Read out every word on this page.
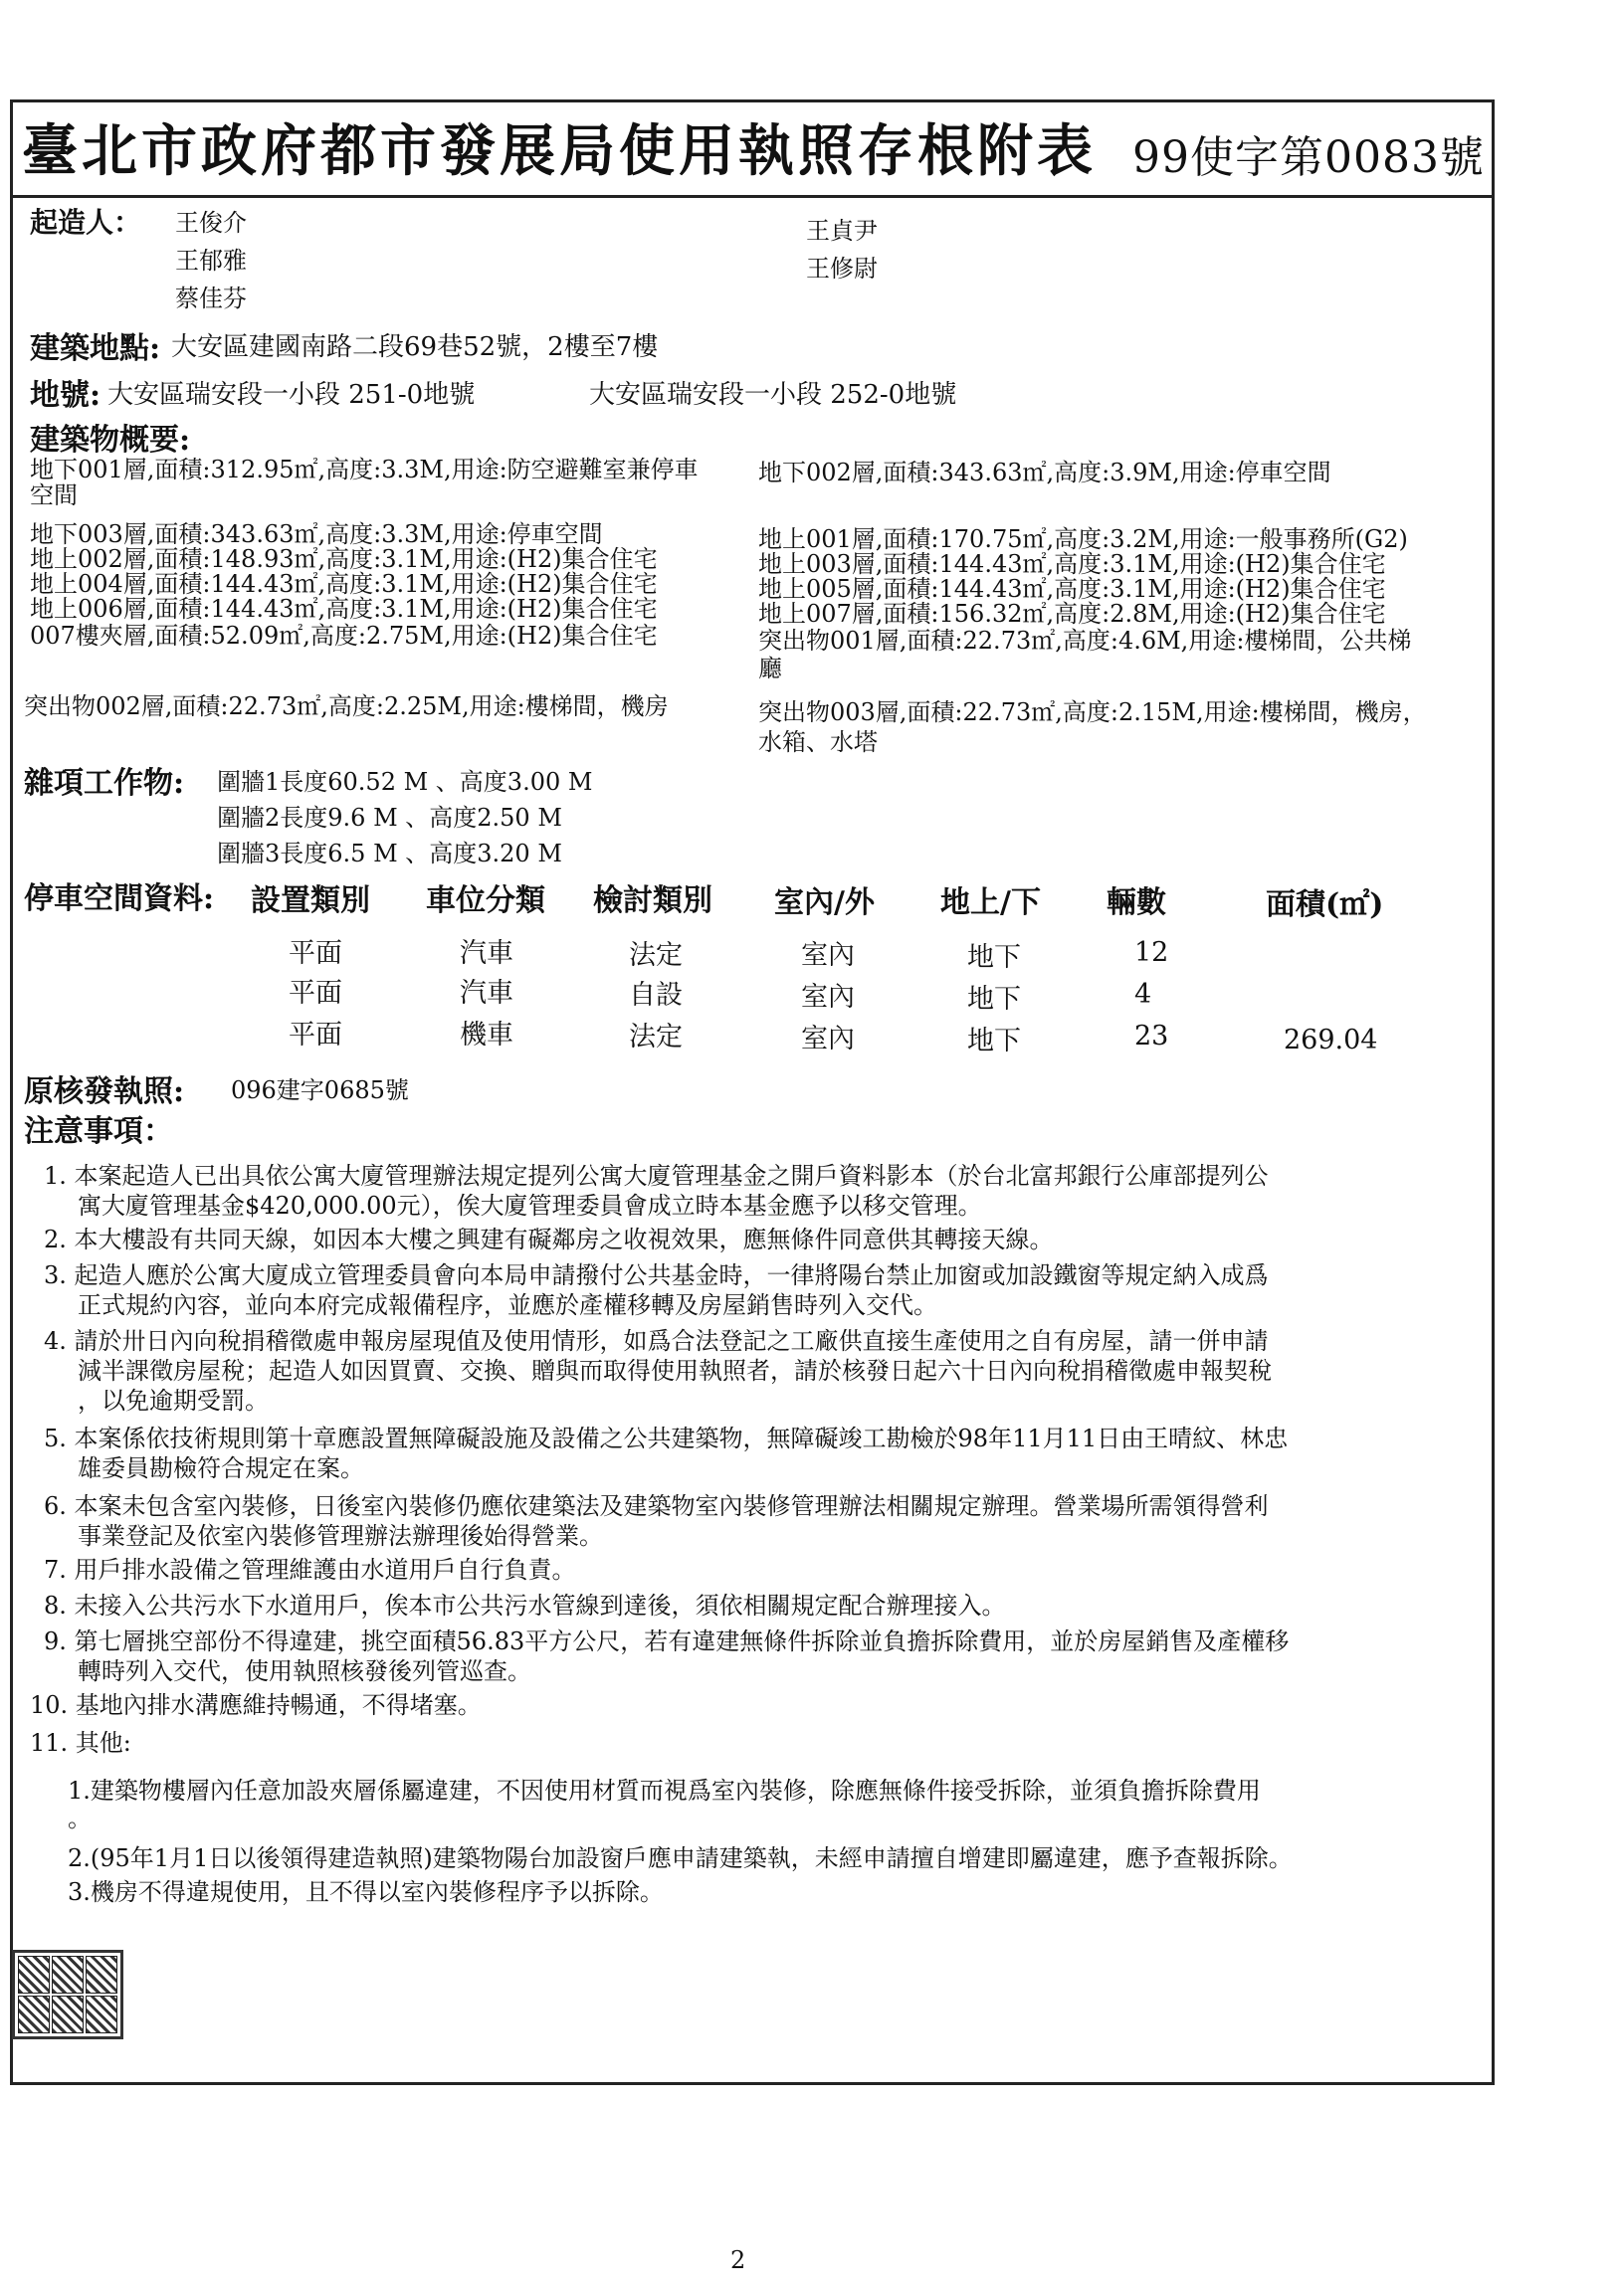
臺北市政府都市發展局使用執照存根附表 99使字第0083號
起造人： 王俊介
王郁雅
蔡佳芬
王貞尹
王修尉
建築地點: 大安區建國南路二段69巷52號，2樓至7樓
地號: 大安區瑞安段一小段 251-0地號	大安區瑞安段一小段 252-0地號
建築物概要:
地下001層,面積:312.95㎡,高度:3.3M,用途:防空避難室兼停車
空間
地下002層,面積:343.63㎡,高度:3.9M,用途:停車空間
地下003層,面積:343.63㎡,高度:3.3M,用途:停車空間
地上002層,面積:148.93㎡,高度:3.1M,用途:(H2)集合住宅
地上004層,面積:144.43㎡,高度:3.1M,用途:(H2)集合住宅
地上006層,面積:144.43㎡,高度:3.1M,用途:(H2)集合住宅
007樓夾層,面積:52.09㎡,高度:2.75M,用途:(H2)集合住宅
地上001層,面積:170.75㎡,高度:3.2M,用途:一般事務所(G2)
地上003層,面積:144.43㎡,高度:3.1M,用途:(H2)集合住宅
地上005層,面積:144.43㎡,高度:3.1M,用途:(H2)集合住宅
地上007層,面積:156.32㎡,高度:2.8M,用途:(H2)集合住宅
突出物001層,面積:22.73㎡,高度:4.6M,用途:樓梯間，公共梯
廳
突出物002層,面積:22.73㎡,高度:2.25M,用途:樓梯間，機房	突出物003層,面積:22.73㎡,高度:2.15M,用途:樓梯間，機房，
水箱、水塔
雜項工作物: 圍牆1長度60.52 M 、高度3.00 M
圍牆2長度9.6 M 、高度2.50 M
圍牆3長度6.5 M 、高度3.20 M
停車空間資料: 設置類別 車位分類 檢討類別 室內/外 地上/下 輛數	面積(㎡)
平面	汽車	法定	室內	地下	12
平面	汽車	自設	室內	地下	4
平面	機車	法定	室內	地下	23	269.04
原核發執照: 096建字0685號
注意事項：
1. 本案起造人已出具依公寓大廈管理辦法規定提列公寓大廈管理基金之開戶資料影本（於台北富邦銀行公庫部提列公
寓大廈管理基金$420,000.00元），俟大廈管理委員會成立時本基金應予以移交管理。
2. 本大樓設有共同天線，如因本大樓之興建有礙鄰房之收視效果，應無條件同意供其轉接天線。
3. 起造人應於公寓大廈成立管理委員會向本局申請撥付公共基金時，一律將陽台禁止加窗或加設鐵窗等規定納入成爲
正式規約內容，並向本府完成報備程序，並應於產權移轉及房屋銷售時列入交代。
4. 請於卅日內向稅捐稽徵處申報房屋現值及使用情形，如爲合法登記之工廠供直接生產使用之自有房屋，請一併申請
減半課徵房屋稅；起造人如因買賣、交換、贈與而取得使用執照者，請於核發日起六十日內向稅捐稽徵處申報契稅
，以免逾期受罰。
5. 本案係依技術規則第十章應設置無障礙設施及設備之公共建築物，無障礙竣工勘檢於98年11月11日由王晴紋、林忠
雄委員勘檢符合規定在案。
6. 本案未包含室內裝修，日後室內裝修仍應依建築法及建築物室內裝修管理辦法相關規定辦理。營業場所需領得營利
事業登記及依室內裝修管理辦法辦理後始得營業。
7. 用戶排水設備之管理維護由水道用戶自行負責。
8. 未接入公共污水下水道用戶，俟本市公共污水管線到達後，須依相關規定配合辦理接入。
9. 第七層挑空部份不得違建，挑空面積56.83平方公尺，若有違建無條件拆除並負擔拆除費用，並於房屋銷售及產權移
轉時列入交代，使用執照核發後列管巡查。
10. 基地內排水溝應維持暢通，不得堵塞。
11. 其他:
1.建築物樓層內任意加設夾層係屬違建，不因使用材質而視爲室內裝修，除應無條件接受拆除，並須負擔拆除費用
。
2.(95年1月1日以後領得建造執照)建築物陽台加設窗戶應申請建築執，未經申請擅自增建即屬違建，應予查報拆除。
3.機房不得違規使用，且不得以室內裝修程序予以拆除。
2
